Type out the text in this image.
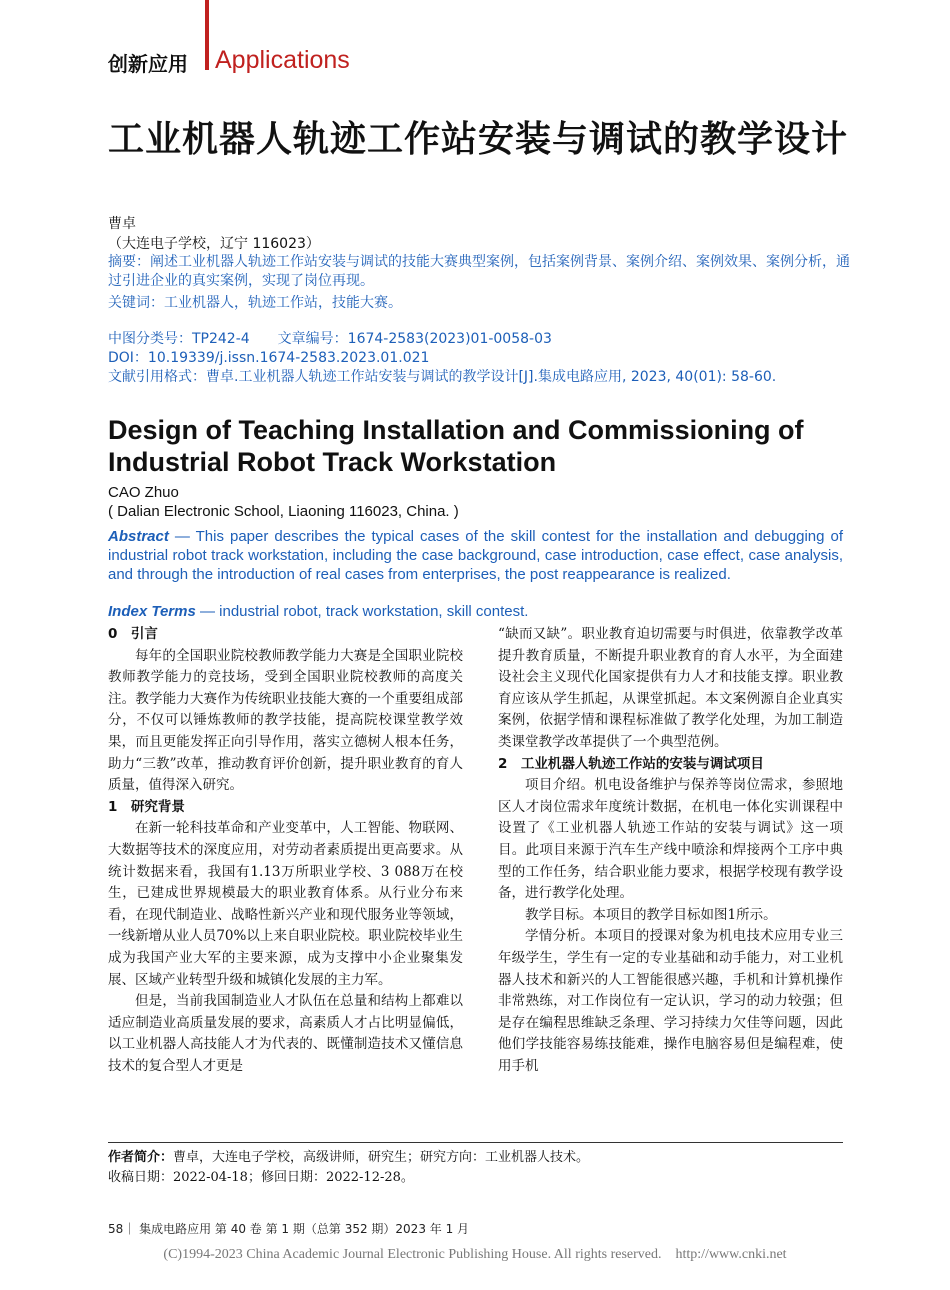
创新应用 Applications
工业机器人轨迹工作站安装与调试的教学设计
曹卓
（大连电子学校，辽宁 116023）
摘要：阐述工业机器人轨迹工作站安装与调试的技能大赛典型案例，包括案例背景、案例介绍、案例效果、案例分析，通过引进企业的真实案例，实现了岗位再现。
关键词：工业机器人，轨迹工作站，技能大赛。
中图分类号：TP242-4　　文章编号：1674-2583(2023)01-0058-03
DOI：10.19339/j.issn.1674-2583.2023.01.021
文献引用格式：曹卓.工业机器人轨迹工作站安装与调试的教学设计[J].集成电路应用, 2023, 40(01): 58-60.
Design of Teaching Installation and Commissioning of Industrial Robot Track Workstation
CAO Zhuo
( Dalian Electronic School, Liaoning 116023, China. )
Abstract — This paper describes the typical cases of the skill contest for the installation and debugging of industrial robot track workstation, including the case background, case introduction, case effect, case analysis, and through the introduction of real cases from enterprises, the post reappearance is realized.
Index Terms — industrial robot, track workstation, skill contest.
0　引言

每年的全国职业院校教师教学能力大赛是全国职业院校教师教学能力的竞技场，受到全国职业院校教师的高度关注。教学能力大赛作为传统职业技能大赛的一个重要组成部分，不仅可以锤炼教师的教学技能，提高院校课堂教学效果，而且更能发挥正向引导作用，落实立德树人根本任务，助力“三教”改革，推动教育评价创新，提升职业教育的育人质量，值得深入研究。

1　研究背景

在新一轮科技革命和产业变革中，人工智能、物联网、大数据等技术的深度应用，对劳动者素质提出更高要求。从统计数据来看，我国有1.13万所职业学校、3 088万在校生，已建成世界规模最大的职业教育体系。从行业分布来看，在现代制造业、战略性新兴产业和现代服务业等领域，一线新增从业人员70%以上来自职业院校。职业院校毕业生成为我国产业大军的主要来源，成为支撑中小企业聚集发展、区域产业转型升级和城镇化发展的主力军。

但是，当前我国制造业人才队伍在总量和结构上都难以适应制造业高质量发展的要求，高素质人才占比明显偏低，以工业机器人高技能人才为代表的、既懂制造技术又懂信息技术的复合型人才更是

“缺而又缺”。职业教育迫切需要与时俱进，依靠教学改革提升教育质量，不断提升职业教育的育人水平，为全面建设社会主义现代化国家提供有力人才和技能支撑。职业教育应该从学生抓起，从课堂抓起。本文案例源自企业真实案例，依据学情和课程标准做了教学化处理，为加工制造类课堂教学改革提供了一个典型范例。

2　工业机器人轨迹工作站的安装与调试项目

项目介绍。机电设备维护与保养等岗位需求，参照地区人才岗位需求年度统计数据，在机电一体化实训课程中设置了《工业机器人轨迹工作站的安装与调试》这一项目。此项目来源于汽车生产线中喷涂和焊接两个工序中典型的工作任务，结合职业能力要求，根据学校现有教学设备，进行教学化处理。

教学目标。本项目的教学目标如图1所示。

学情分析。本项目的授课对象为机电技术应用专业三年级学生，学生有一定的专业基础和动手能力，对工业机器人技术和新兴的人工智能很感兴趣，手机和计算机操作非常熟练，对工作岗位有一定认识，学习的动力较强；但是存在编程思维缺乏条理、学习持续力欠佳等问题，因此他们学技能容易练技能难，操作电脑容易但是编程难，使用手机

作者简介：曹卓，大连电子学校，高级讲师，研究生；研究方向：工业机器人技术。
收稿日期：2022-04-18；修回日期：2022-12-28。
58｜ 集成电路应用 第 40 卷 第 1 期（总第 352 期）2023 年 1 月
(C)1994-2023 China Academic Journal Electronic Publishing House. All rights reserved.　http://www.cnki.net
